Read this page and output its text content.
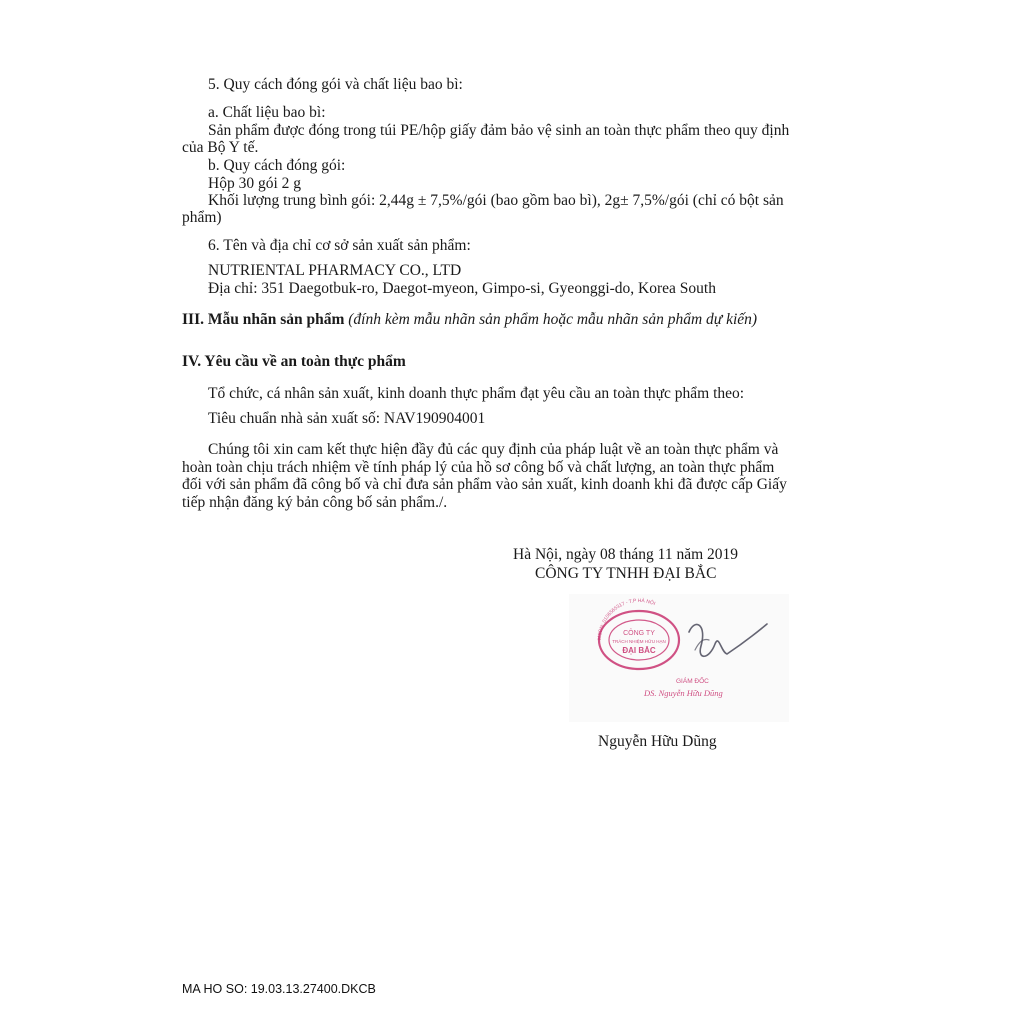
5. Quy cách đóng gói và chất liệu bao bì:
a. Chất liệu bao bì:
Sản phẩm được đóng trong túi PE/hộp giấy đảm bảo vệ sinh an toàn thực phẩm theo quy định
của Bộ Y tế.
b. Quy cách đóng gói:
Hộp 30 gói 2 g
Khối lượng trung bình gói: 2,44g ± 7,5%/gói (bao gồm bao bì), 2g± 7,5%/gói (chỉ có bột sản
phẩm)
6. Tên và địa chỉ cơ sở sản xuất sản phẩm:
NUTRIENTAL PHARMACY CO., LTD
Địa chỉ: 351 Daegotbuk-ro, Daegot-myeon, Gimpo-si, Gyeonggi-do, Korea South
III. Mẫu nhãn sản phẩm (đính kèm mẫu nhãn sản phẩm hoặc mẫu nhãn sản phẩm dự kiến)
IV. Yêu cầu về an toàn thực phẩm
Tổ chức, cá nhân sản xuất, kinh doanh thực phẩm đạt yêu cầu an toàn thực phẩm theo:
Tiêu chuẩn nhà sản xuất số: NAV190904001
Chúng tôi xin cam kết thực hiện đầy đủ các quy định của pháp luật về an toàn thực phẩm và
hoàn toàn chịu trách nhiệm về tính pháp lý của hồ sơ công bố và chất lượng, an toàn thực phẩm
đối với sản phẩm đã công bố và chỉ đưa sản phẩm vào sản xuất, kinh doanh khi đã được cấp Giấy
tiếp nhận đăng ký bản công bố sản phẩm./.
Hà Nội, ngày 08 tháng 11 năm 2019
CÔNG TY TNHH ĐẠI BẮC
MSDN: 0106565317 - T.P HÀ NỘI
CÔNG TY
TRÁCH NHIỆM HỮU HẠN
ĐẠI BẮC
GIÁM ĐỐC
DS. Nguyễn Hữu Dũng
Nguyễn Hữu Dũng
MA HO SO: 19.03.13.27400.DKCB
